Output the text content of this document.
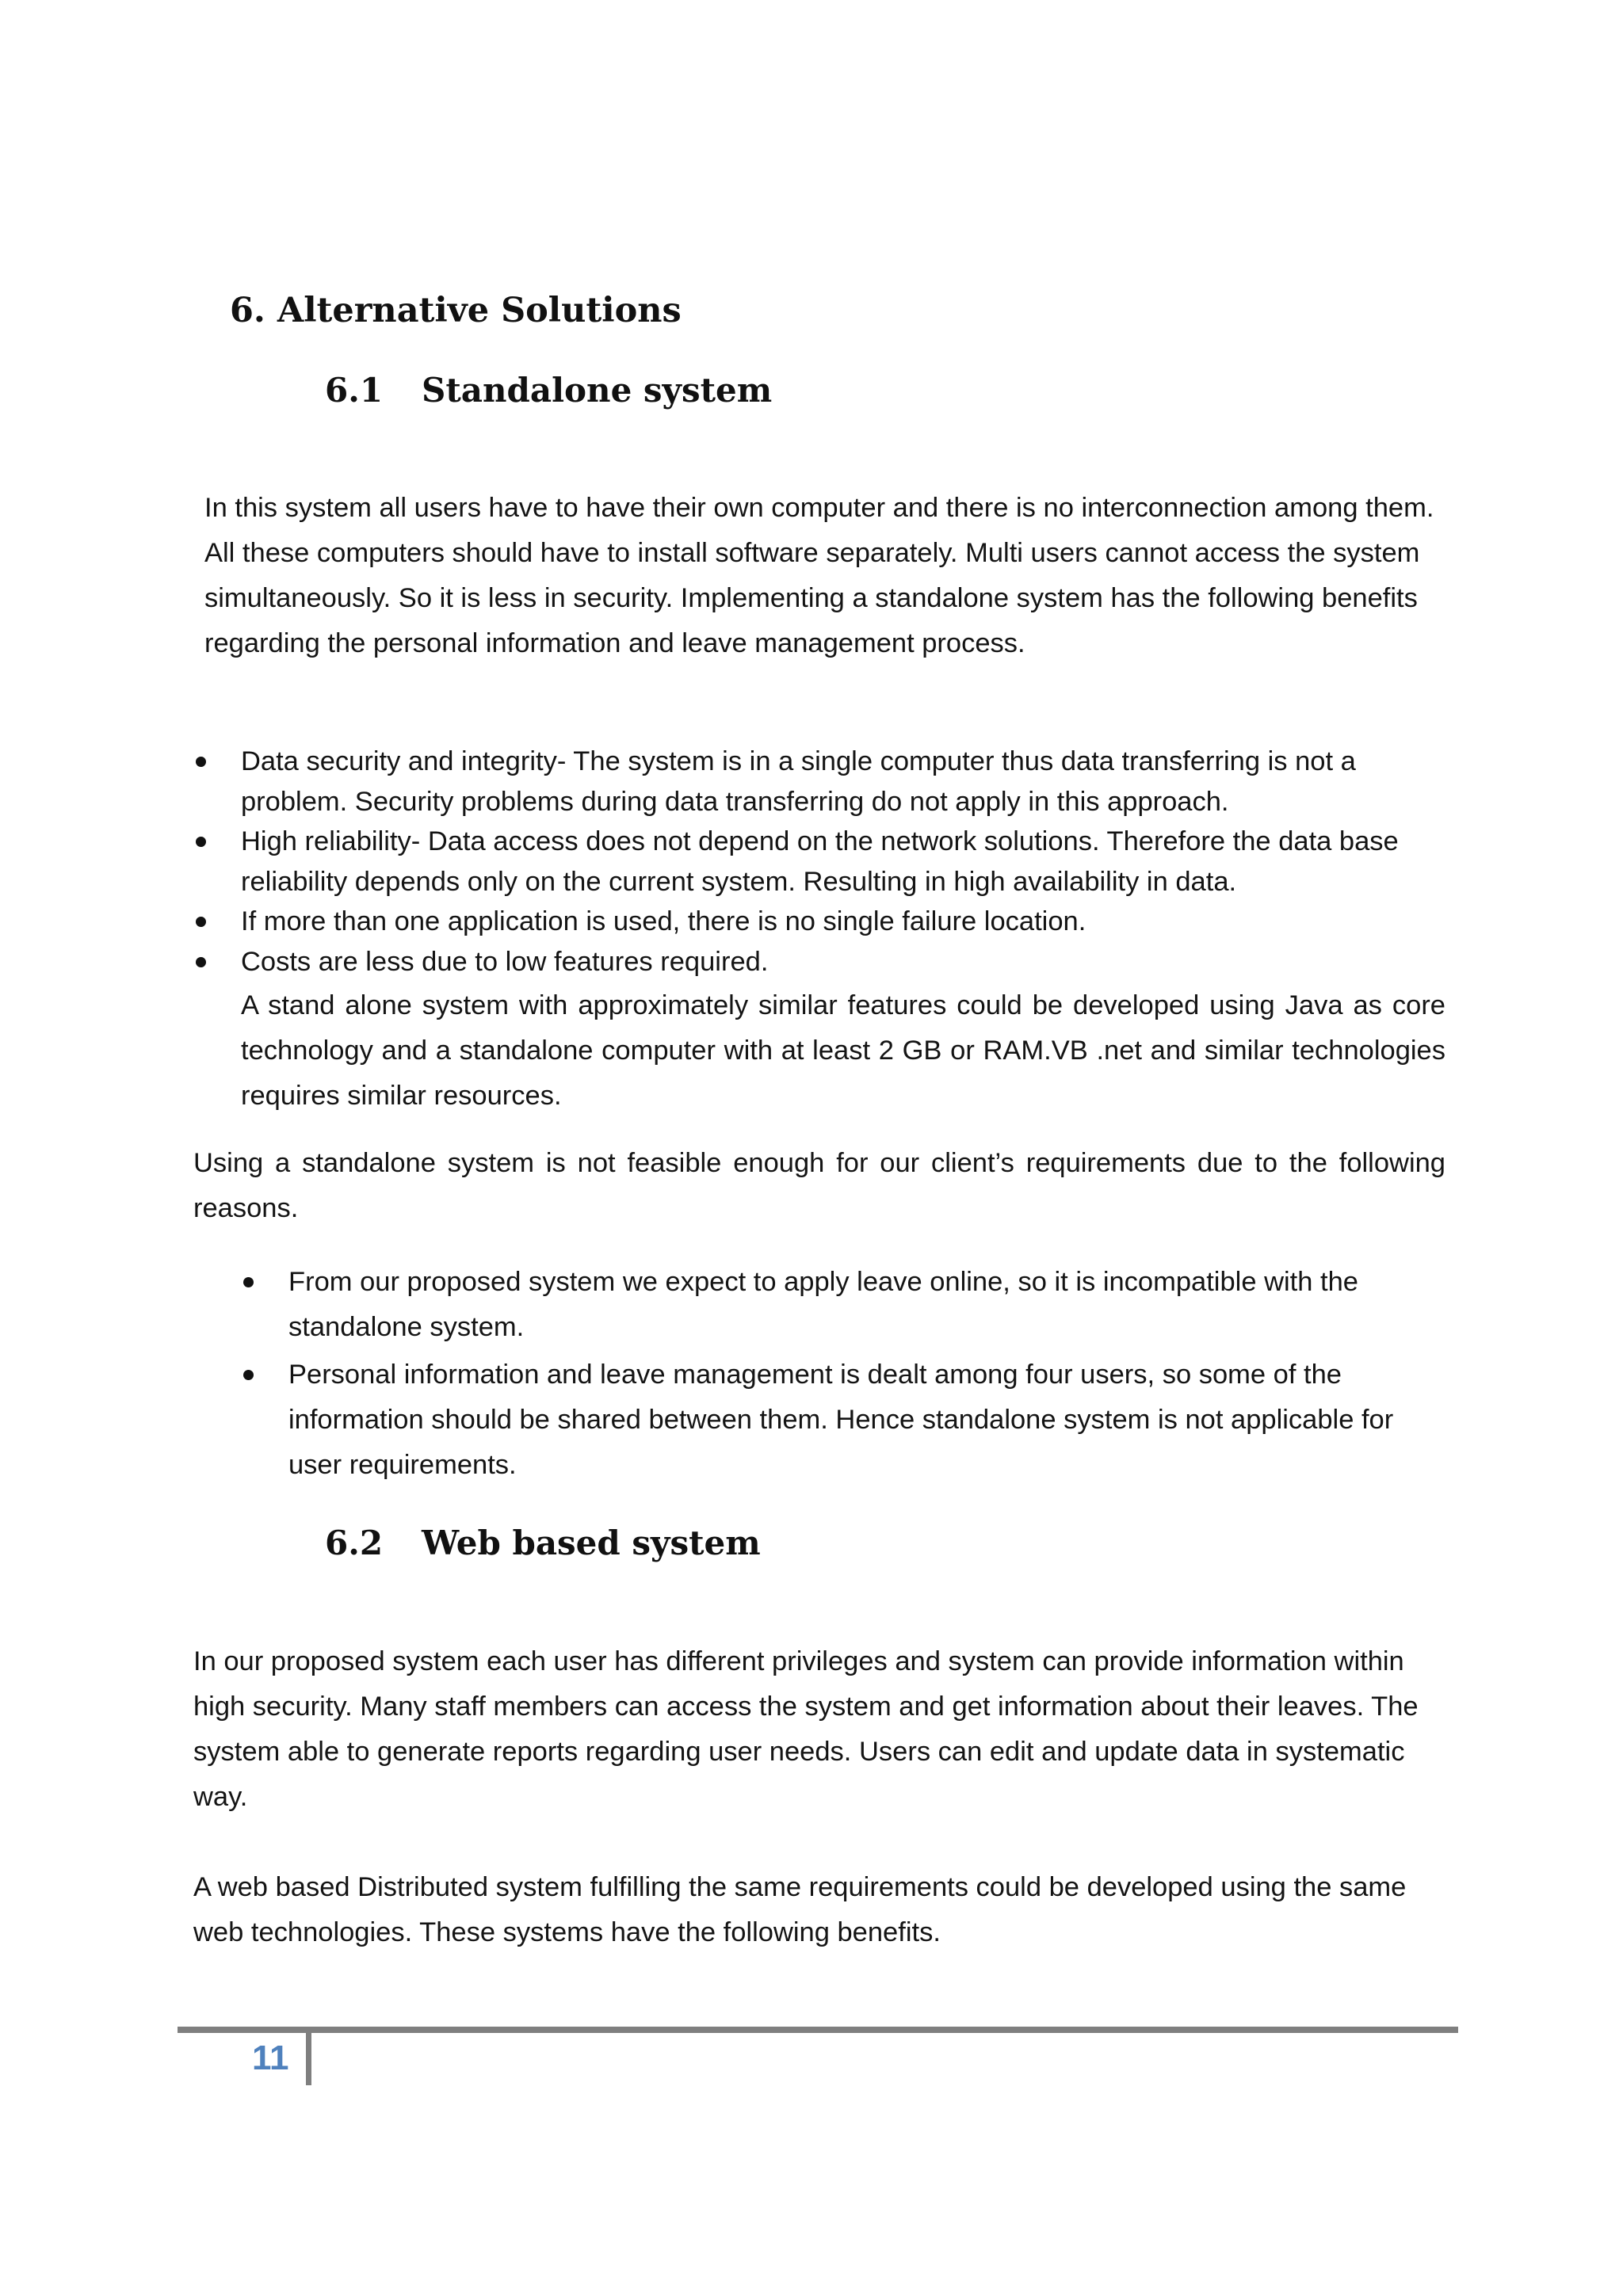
6. Alternative Solutions
6.1 Standalone system

In this system all users have to have their own computer and there is no interconnection among them. All these computers should have to install software separately. Multi users cannot access the system simultaneously. So it is less in security. Implementing a standalone system has the following benefits regarding the personal information and leave management process.

Data security and integrity- The system is in a single computer thus data transferring is not a problem. Security problems during data transferring do not apply in this approach.
High reliability- Data access does not depend on the network solutions. Therefore the data base reliability depends only on the current system. Resulting in high availability in data.
If more than one application is used, there is no single failure location.
Costs are less due to low features required.
A stand alone system with approximately similar features could be developed using Java as core technology and a standalone computer with at least 2 GB or RAM.VB .net and similar technologies requires similar resources.

Using a standalone system is not feasible enough for our client’s requirements due to the following reasons.

From our proposed system we expect to apply leave online, so it is incompatible with the standalone system.
Personal information and leave management is dealt among four users, so some of the information should be shared between them. Hence standalone system is not applicable for user requirements.
6.2 Web based system

In our proposed system each user has different privileges and system can provide information within high security. Many staff members can access the system and get information about their leaves. The system able to generate reports regarding user needs. Users can edit and update data in systematic way.

A web based Distributed system fulfilling the same requirements could be developed using the same web technologies. These systems have the following benefits.

11
